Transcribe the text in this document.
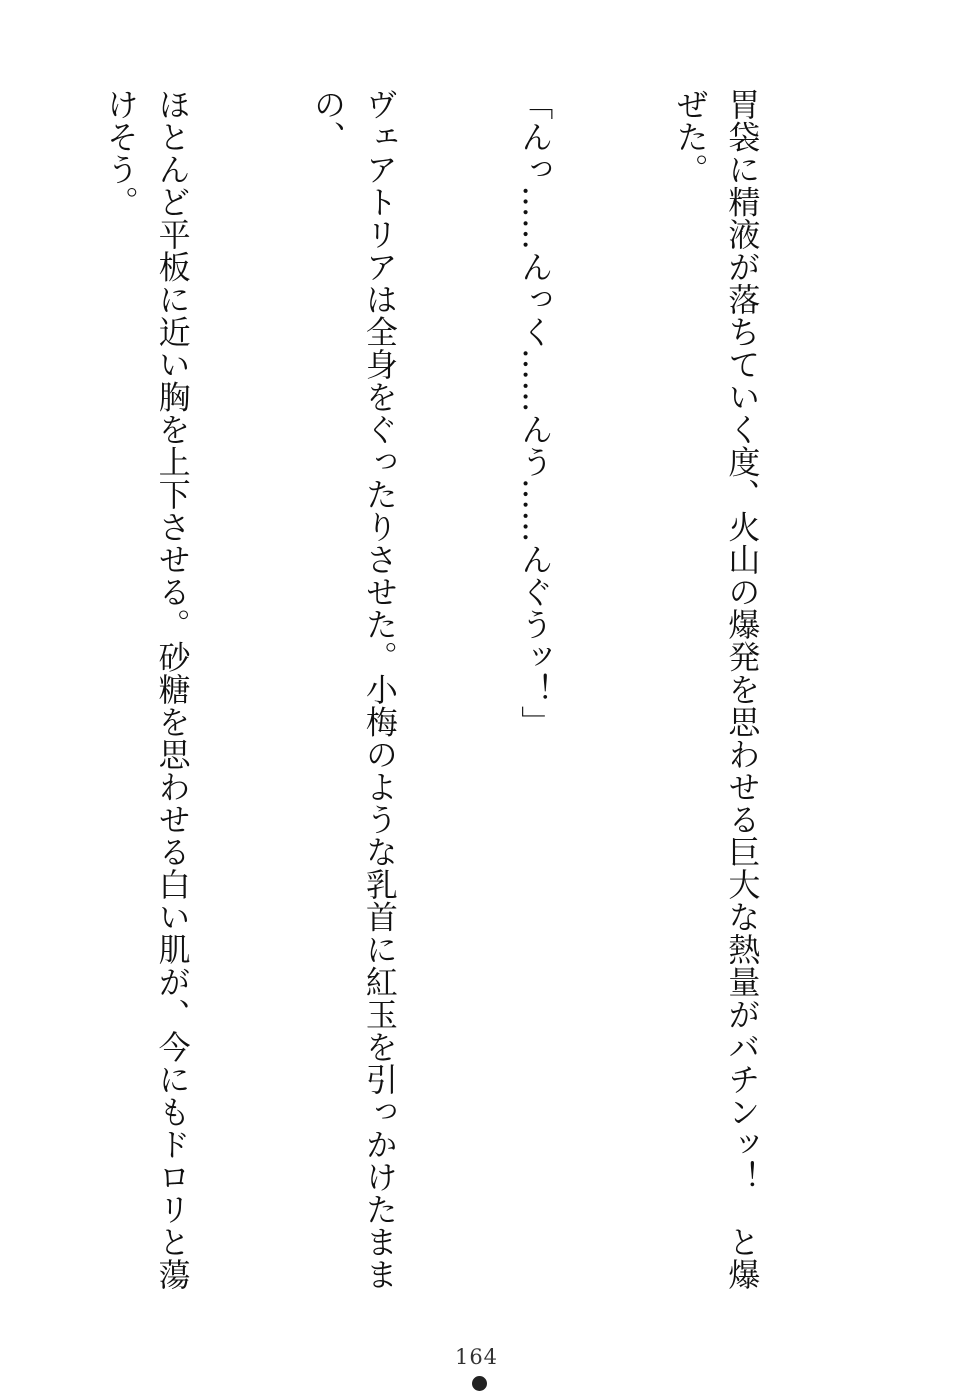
胃袋に精液が落ちていく度、火山の爆発を思わせる巨大な熱量がバチンッ！　と爆ぜた。

「んっ……んっく……んう……んぐうッ！」

ヴェアトリアは全身をぐったりさせた。小梅のような乳首に紅玉を引っかけたままの、

ほとんど平板に近い胸を上下させる。砂糖を思わせる白い肌が、今にもドロリと蕩けそう。

164
